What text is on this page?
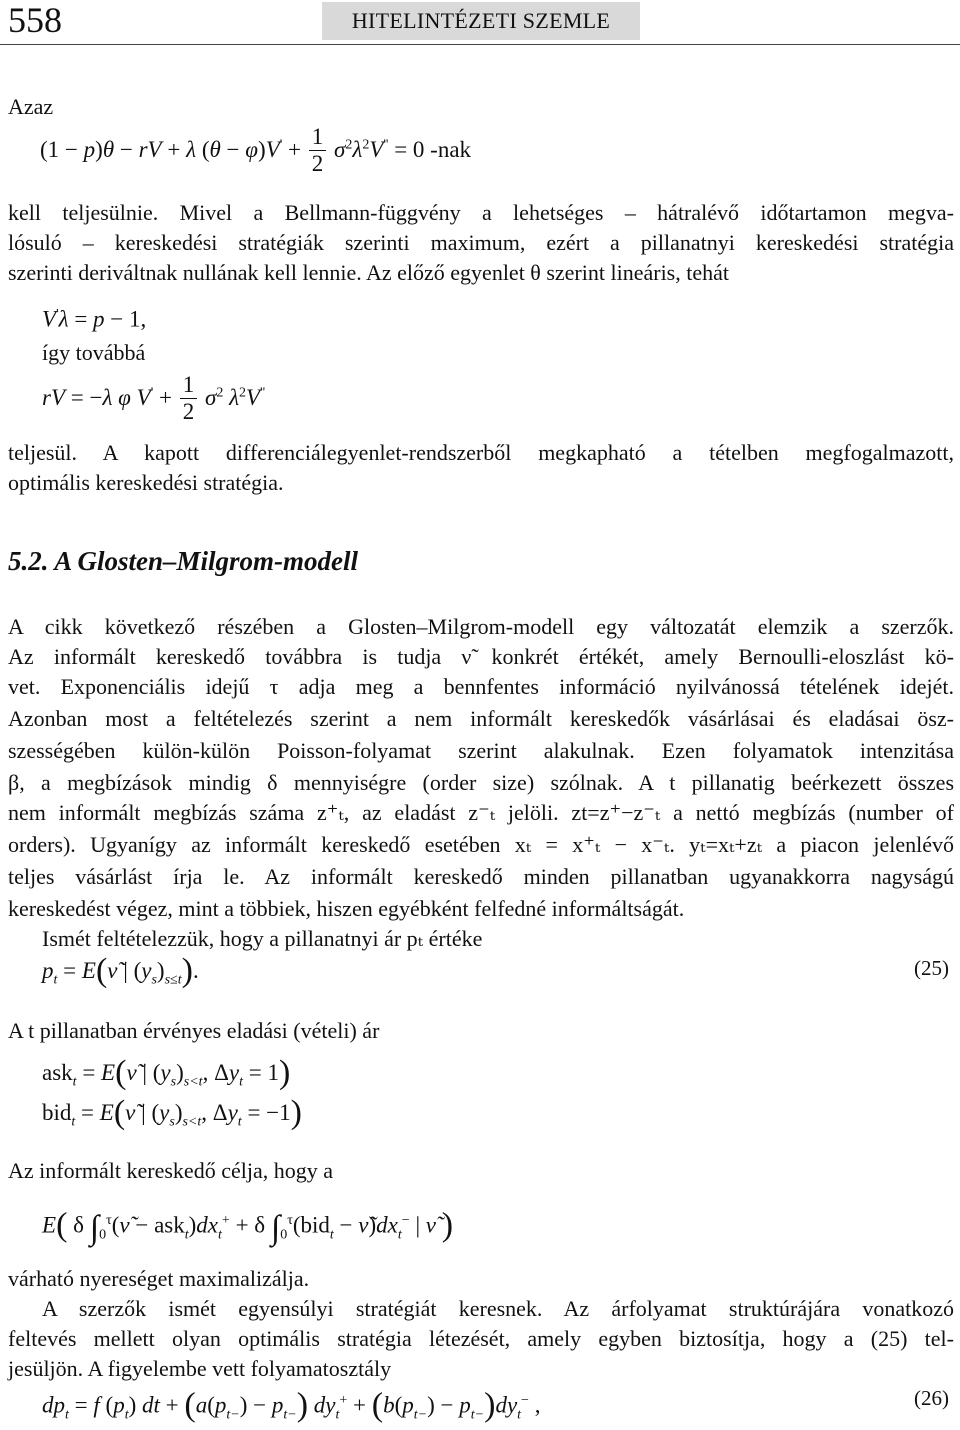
558	HITELINTÉZETI SZEMLE
Azaz
(1 − p)θ − rV + λ $(\theta - \varphi)V' + \frac{1}{2} \sigma^2\lambda^2V'' = 0$ -nak
kell teljesülnie. Mivel a Bellmann-függvény a lehetséges – hátralévő időtartamon megva-
lósuló – kereskedési stratégiák szerinti maximum, ezért a pillanatnyi kereskedési stratégia
szerinti deriváltnak nullának kell lennie. Az előző egyenlet θ szerint lineáris, tehát
V'λ = p − 1,
így továbbá
rV = −λ φ $V' + \frac{1}{2} \sigma^2$ $\lambda^2V''$
teljesül. A kapott differenciálegyenlet-rendszerből megkapható a tételben megfogalmazott,
optimális kereskedési stratégia.
5.2. A Glosten–Milgrom-modell
A cikk következő részében a Glosten–Milgrom-modell egy változatát elemzik a szerzők.
Az informált kereskedő továbbra is tudja ν̃ konkrét értékét, amely Bernoulli-eloszlást kö-
vet. Exponenciális idejű τ adja meg a bennfentes információ nyilvánossá tételének idejét.
Azonban most a feltételezés szerint a nem informált kereskedők vásárlásai és eladásai ösz-
szességében külön-külön Poisson-folyamat szerint alakulnak. Ezen folyamatok intenzitása
β, a megbízások mindig δ mennyiségre (order size) szólnak. A t pillanatig beérkezett összes
nem informált megbízás száma z⁺ₜ, az eladást z⁻ₜ jelöli. zt=z⁺−z⁻ₜ a nettó megbízás (number of
orders). Ugyanígy az informált kereskedő esetében xₜ = x⁺ₜ − x⁻ₜ. yₜ=xₜ+zₜ a piacon jelenlévő
teljes vásárlást írja le. Az informált kereskedő minden pillanatban ugyanakkorra nagyságú
kereskedést végez, mint a többiek, hiszen egyébként felfedné informáltságát.
Ismét feltételezzük, hogy a pillanatnyi ár pₜ értéke
$p_t$ = E(ν̃ | $(y_s)_{s\le t}$).	(25)
A t pillanatban érvényes eladási (vételi) ár
ask$_t$ = E(ν̃ | $(y_s)_{s<t}$, $\Delta y_t = 1$)
bid$_t$ = E(ν̃ | $(y_s)_{s<t}$, $\Delta y_t = -1$)
Az informált kereskedő célja, hogy a
E( δ $\int_0^\tau(\nũ - ask_t)dx_t^+ + \delta$ $\int_0^\tau(bid_t$ − $\nũ)dx_t^-$ | ν̃ )
várható nyereséget maximalizálja.
A szerzők ismét egyensúlyi stratégiát keresnek. Az árfolyamat struktúrájára vonatkozó
feltevés mellett olyan optimális stratégia létezését, amely egyben biztosítja, hogy a (25) tel-
jesüljön. A figyelembe vett folyamatosztály
$dp_t = f$ $(p_t)$ dt + $(a(p_{t-}) - p_{t-}) dy_t^+ + (b(p_{t-}) - p_{t-})dy_t^-$ ,	(26)
